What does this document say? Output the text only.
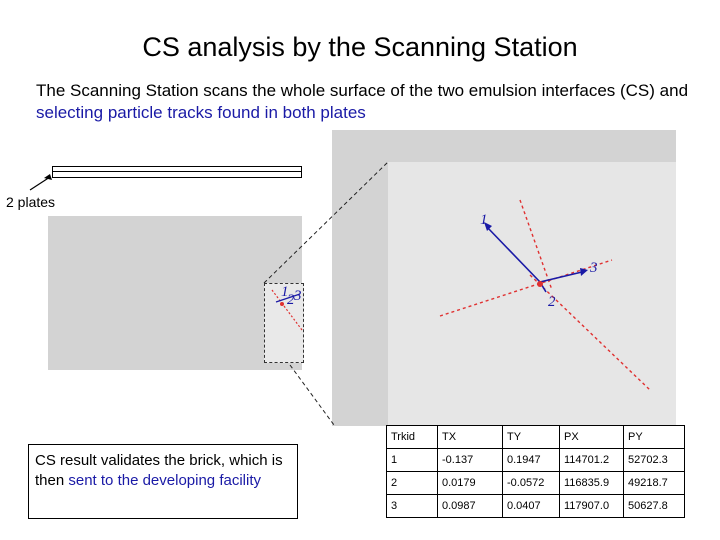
CS analysis by the Scanning Station
The Scanning Station scans the whole surface of the two emulsion interfaces (CS) and selecting particle tracks found in both plates
2 plates
1
3
2
1
2 3
CS result validates the brick, which is then sent to the developing facility
Trkid	TX	TY	PX	PY
1	-0.137	0.1947	114701.2	52702.3
2	0.0179	-0.0572	116835.9	49218.7
3	0.0987	0.0407	117907.0	50627.8
